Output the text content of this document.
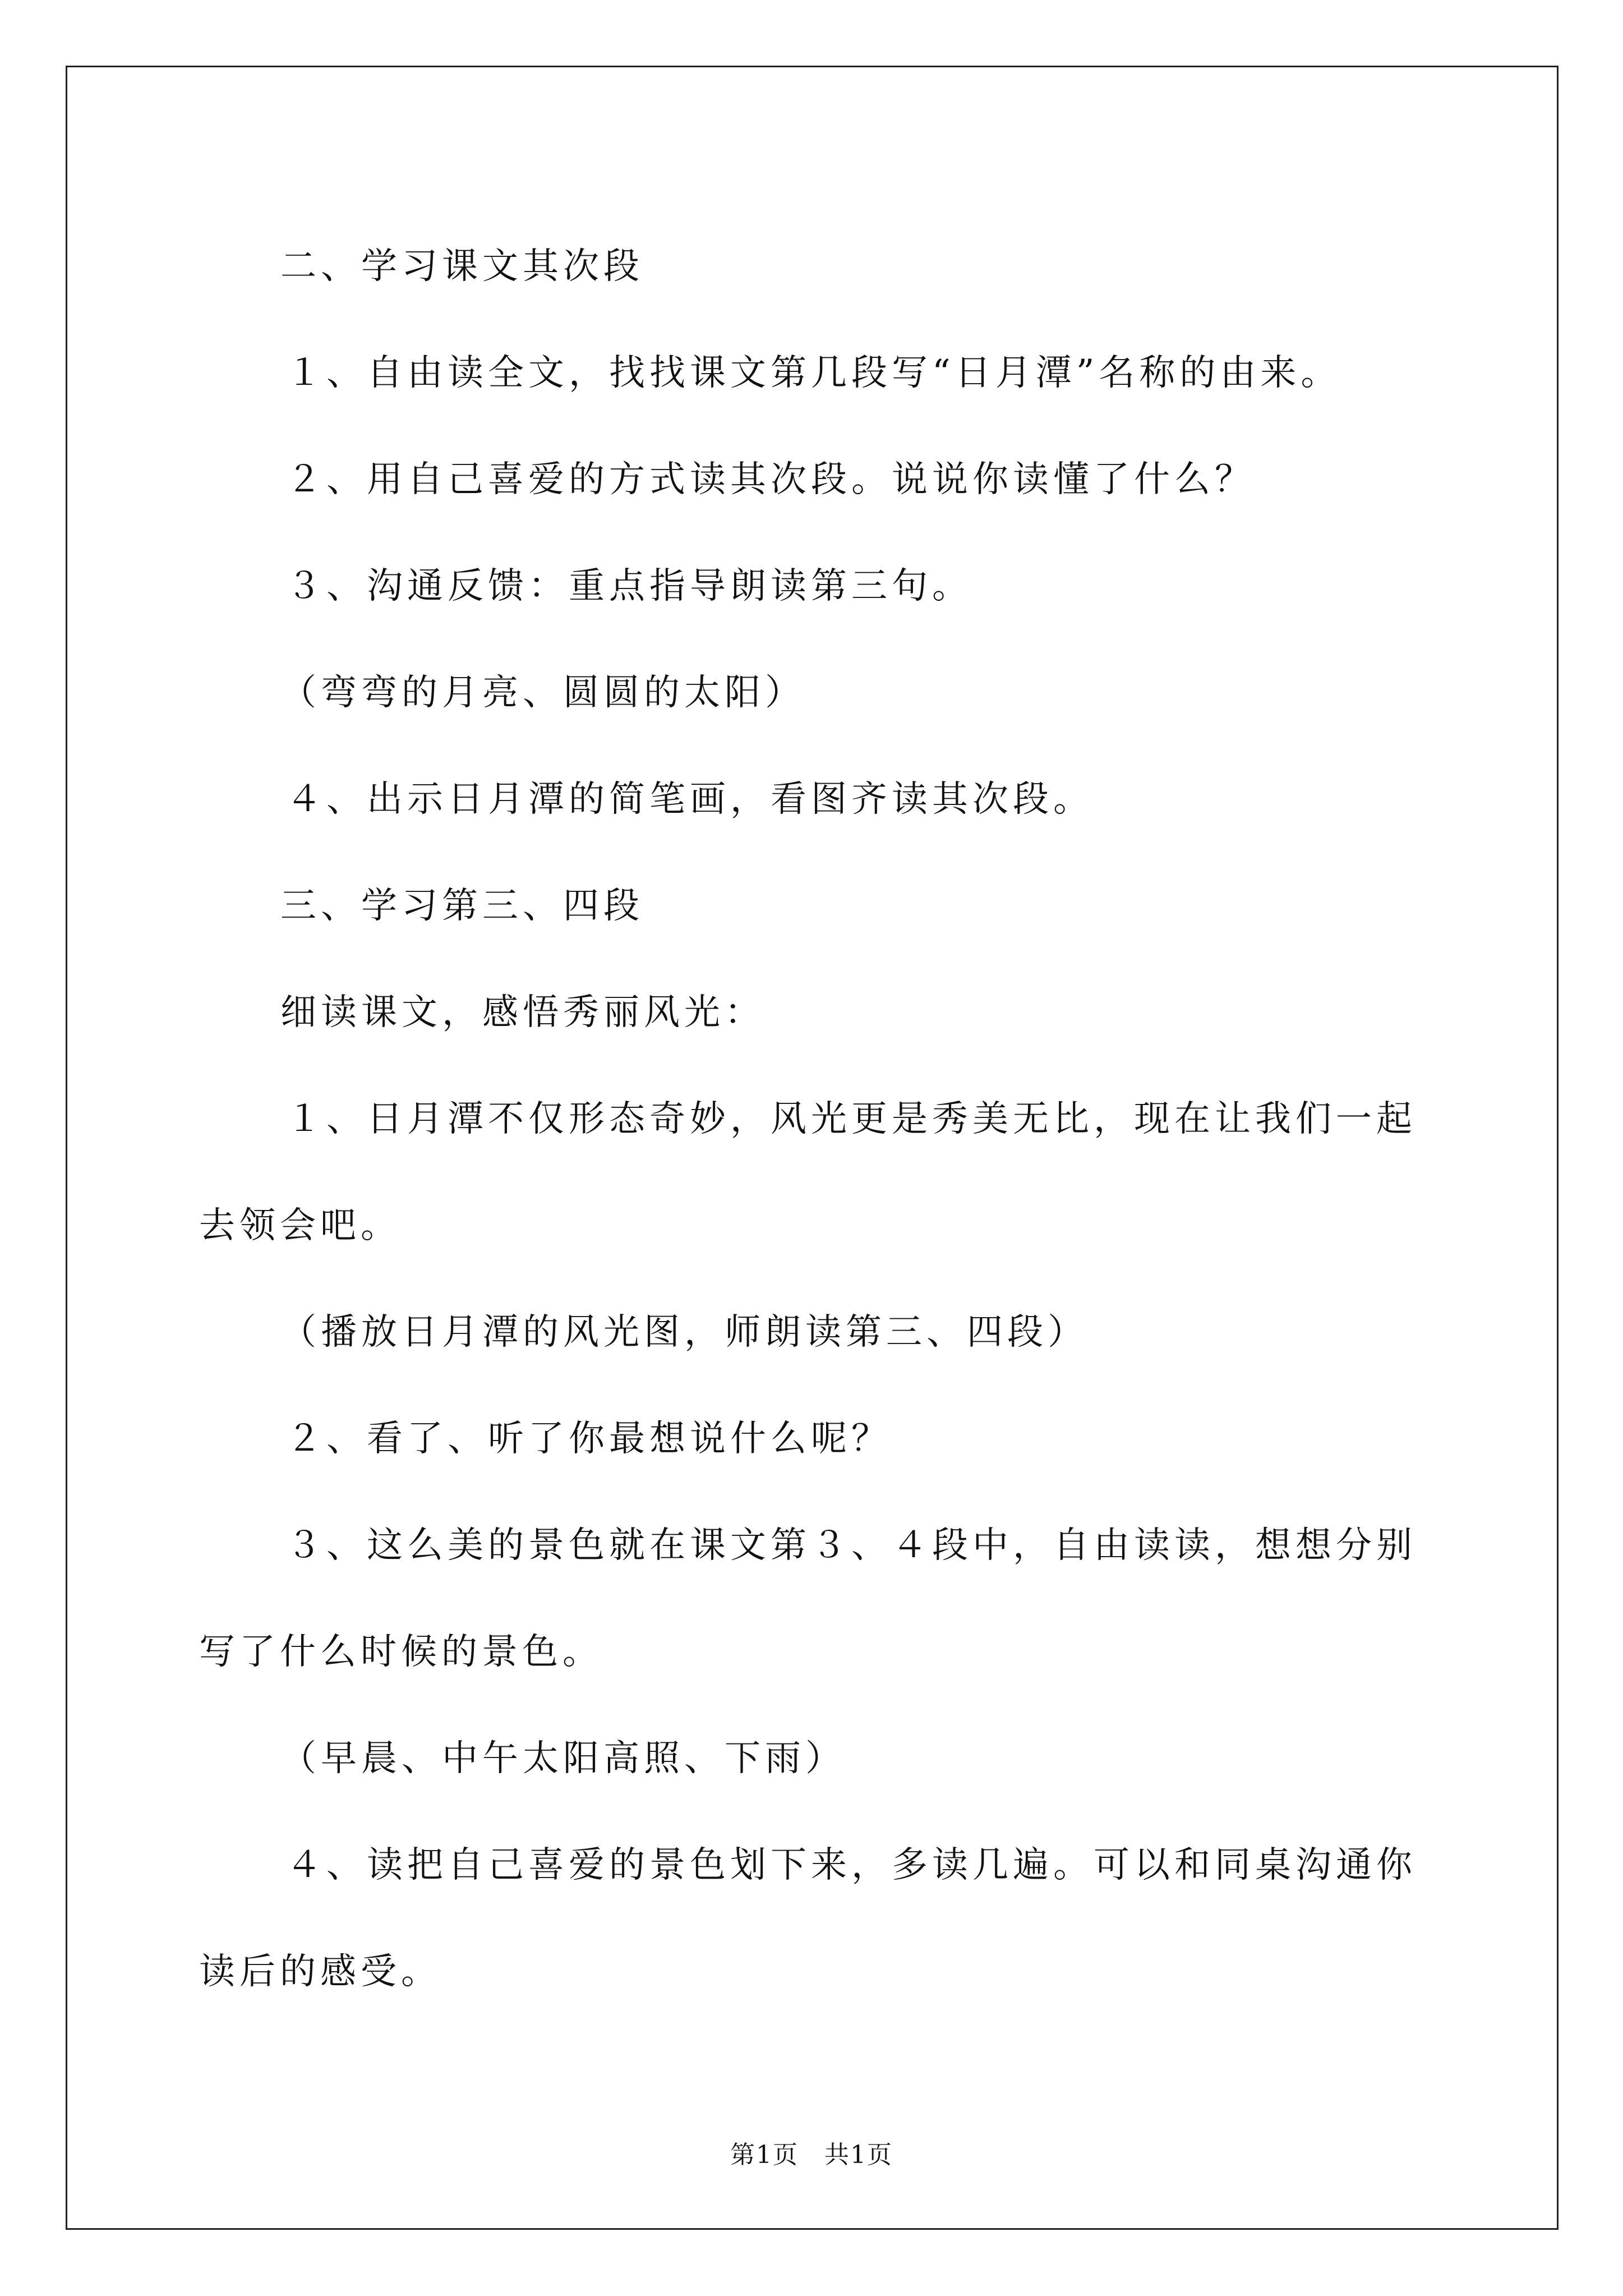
二、学习课文其次段

１、自由读全文，找找课文第几段写“日月潭”名称的由来。

２、用自己喜爱的方式读其次段。说说你读懂了什么？

３、沟通反馈：重点指导朗读第三句。

（弯弯的月亮、圆圆的太阳）

４、出示日月潭的简笔画，看图齐读其次段。

三、学习第三、四段

细读课文，感悟秀丽风光：

１、日月潭不仅形态奇妙，风光更是秀美无比，现在让我们一起去领会吧。

（播放日月潭的风光图，师朗读第三、四段）

２、看了、听了你最想说什么呢？

３、这么美的景色就在课文第３、４段中，自由读读，想想分别写了什么时候的景色。

（早晨、中午太阳高照、下雨）

４、读把自己喜爱的景色划下来，多读几遍。可以和同桌沟通你读后的感受。

第1页　共1页
